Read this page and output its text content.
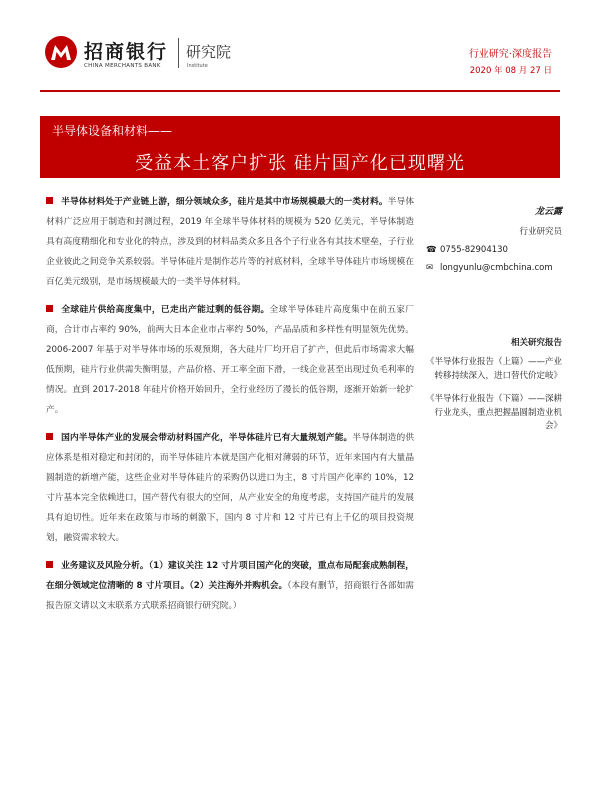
招商银行
CHINA MERCHANTS BANK
研究院
Institute
行业研究·深度报告
2020 年 08 月 27 日
半导体设备和材料——
受益本土客户扩张 硅片国产化已现曙光

半导体材料处于产业链上游，细分领域众多，硅片是其中市场规模最大的一类材料。半导体材料广泛应用于制造和封测过程，2019 年全球半导体材料的规模为 520 亿美元，半导体制造具有高度精细化和专业化的特点，涉及到的材料品类众多且各个子行业各有其技术壁垒，子行业企业彼此之间竞争关系较弱。半导体硅片是制作芯片等的衬底材料，全球半导体硅片市场规模在百亿美元级别，是市场规模最大的一类半导体材料。

全球硅片供给高度集中，已走出产能过剩的低谷期。全球半导体硅片高度集中在前五家厂商，合计市占率约 90%，前两大日本企业市占率约 50%，产品品质和多样性有明显领先优势。2006-2007 年基于对半导体市场的乐观预期，各大硅片厂均开启了扩产，但此后市场需求大幅低预期，硅片行业供需失衡明显，产品价格、开工率全面下滑，一线企业甚至出现过负毛利率的情况。直到 2017-2018 年硅片价格开始回升，全行业经历了漫长的低谷期，逐渐开始新一轮扩产。

国内半导体产业的发展会带动材料国产化，半导体硅片已有大量规划产能。半导体制造的供应体系是相对稳定和封闭的，而半导体硅片本就是国产化相对薄弱的环节，近年来国内有大量晶圆制造的新增产能，这些企业对半导体硅片的采购仍以进口为主，8 寸片国产化率约 10%，12 寸片基本完全依赖进口，国产替代有很大的空间，从产业安全的角度考虑，支持国产硅片的发展具有迫切性。近年来在政策与市场的刺激下，国内 8 寸片和 12 寸片已有上千亿的项目投资规划，融资需求较大。

业务建议及风险分析。（1）建议关注 12 寸片项目国产化的突破，重点布局配套成熟制程，在细分领域定位清晰的 8 寸片项目。（2）关注海外并购机会。（本段有删节，招商银行各部如需报告原文请以文末联系方式联系招商银行研究院。）

龙云露

行业研究员

☎ 0755-82904130

✉ longyunlu@cmbchina.com

相关研究报告

《半导体行业报告（上篇）——产业转移持续深入，进口替代价定岐》

《半导体行业报告（下篇）——深耕行业龙头，重点把握晶圆制造业机会》
